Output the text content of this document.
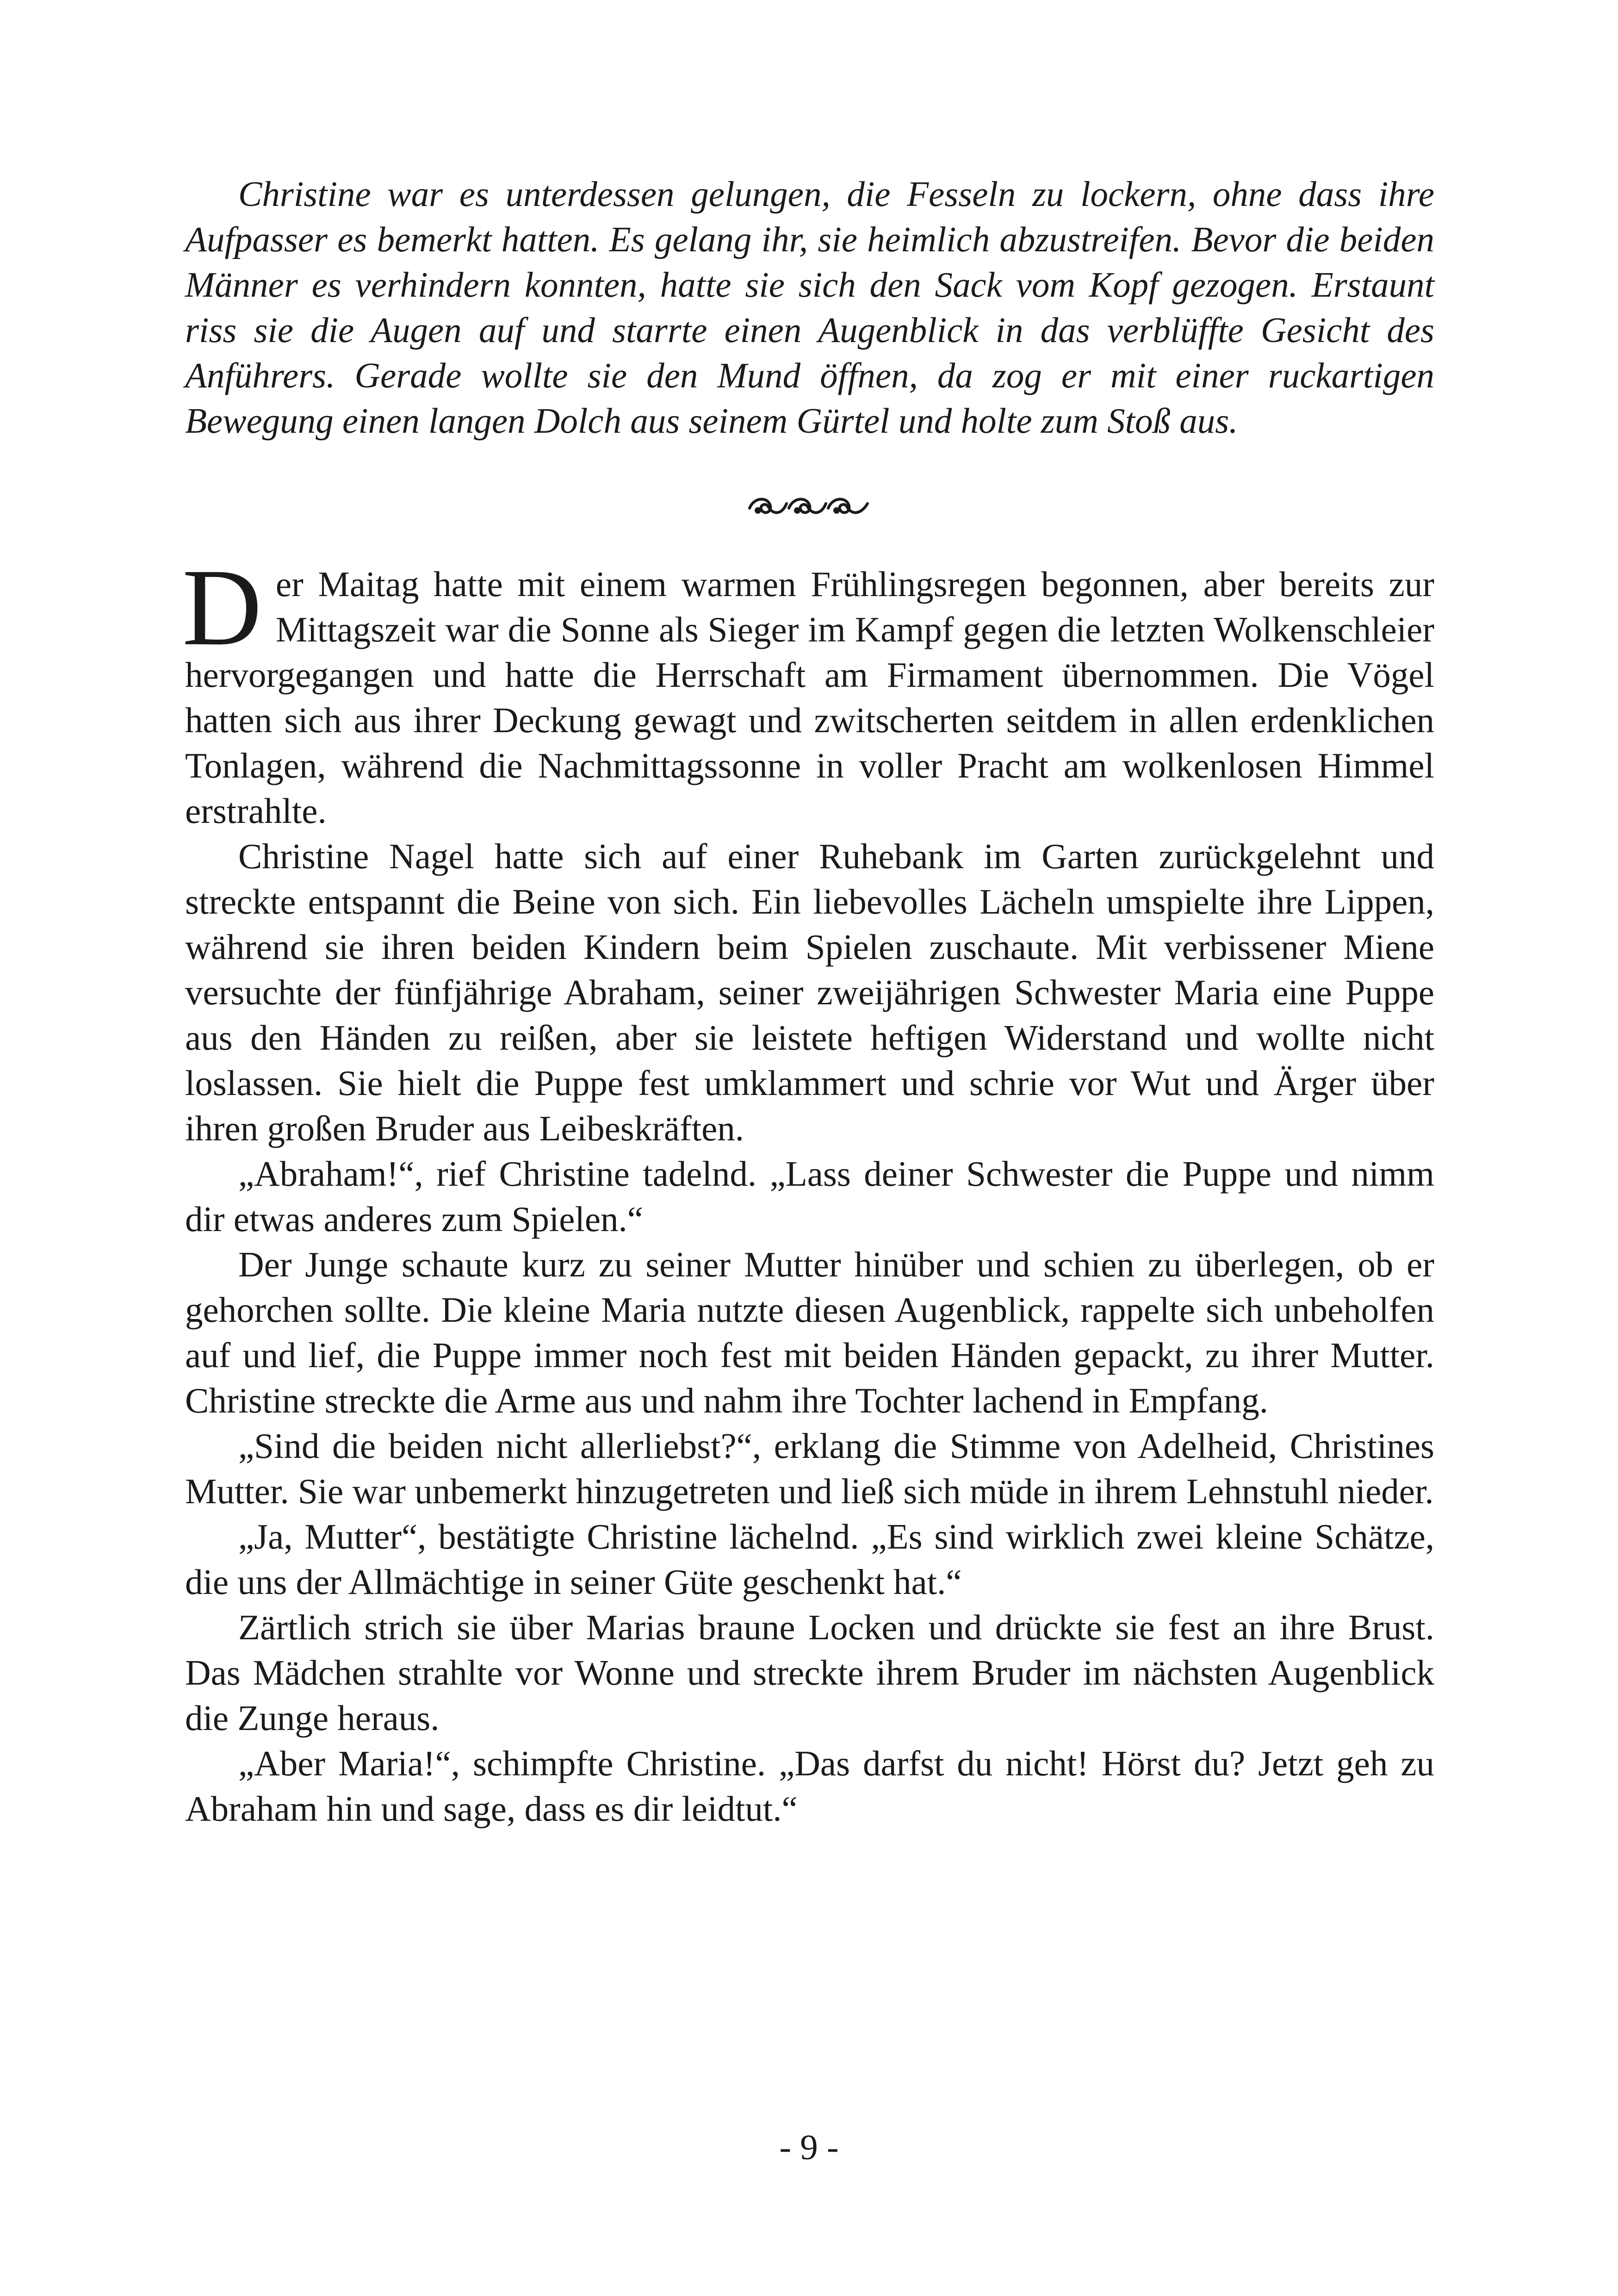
Christine war es unterdessen gelungen, die Fesseln zu lockern, ohne dass ihre Aufpasser es bemerkt hatten. Es gelang ihr, sie heimlich abzustreifen. Bevor die beiden Männer es verhindern konnten, hatte sie sich den Sack vom Kopf gezogen. Erstaunt riss sie die Augen auf und starrte einen Augenblick in das verblüffte Gesicht des Anführers. Gerade wollte sie den Mund öffnen, da zog er mit einer ruckartigen Bewegung einen langen Dolch aus seinem Gürtel und holte zum Stoß aus.

Der Maitag hatte mit einem warmen Frühlingsregen begonnen, aber bereits zur Mittagszeit war die Sonne als Sieger im Kampf gegen die letzten Wolkenschleier hervorgegangen und hatte die Herrschaft am Firmament übernommen. Die Vögel hatten sich aus ihrer Deckung gewagt und zwitscherten seitdem in allen erdenklichen Tonlagen, während die Nachmittagssonne in voller Pracht am wolkenlosen Himmel erstrahlte.

Christine Nagel hatte sich auf einer Ruhebank im Garten zurückgelehnt und streckte entspannt die Beine von sich. Ein liebevolles Lächeln umspielte ihre Lippen, während sie ihren beiden Kindern beim Spielen zuschaute. Mit verbissener Miene versuchte der fünfjährige Abraham, seiner zweijährigen Schwester Maria eine Puppe aus den Händen zu reißen, aber sie leistete heftigen Widerstand und wollte nicht loslassen. Sie hielt die Puppe fest umklammert und schrie vor Wut und Ärger über ihren großen Bruder aus Leibeskräften.

„Abraham!“, rief Christine tadelnd. „Lass deiner Schwester die Puppe und nimm dir etwas anderes zum Spielen.“

Der Junge schaute kurz zu seiner Mutter hinüber und schien zu überlegen, ob er gehorchen sollte. Die kleine Maria nutzte diesen Augenblick, rappelte sich unbeholfen auf und lief, die Puppe immer noch fest mit beiden Händen gepackt, zu ihrer Mutter. Christine streckte die Arme aus und nahm ihre Tochter lachend in Empfang.

„Sind die beiden nicht allerliebst?“, erklang die Stimme von Adelheid, Christines Mutter. Sie war unbemerkt hinzugetreten und ließ sich müde in ihrem Lehnstuhl nieder.

„Ja, Mutter“, bestätigte Christine lächelnd. „Es sind wirklich zwei kleine Schätze, die uns der Allmächtige in seiner Güte geschenkt hat.“

Zärtlich strich sie über Marias braune Locken und drückte sie fest an ihre Brust. Das Mädchen strahlte vor Wonne und streckte ihrem Bruder im nächsten Augenblick die Zunge heraus.

„Aber Maria!“, schimpfte Christine. „Das darfst du nicht! Hörst du? Jetzt geh zu Abraham hin und sage, dass es dir leidtut.“

- 9 -
